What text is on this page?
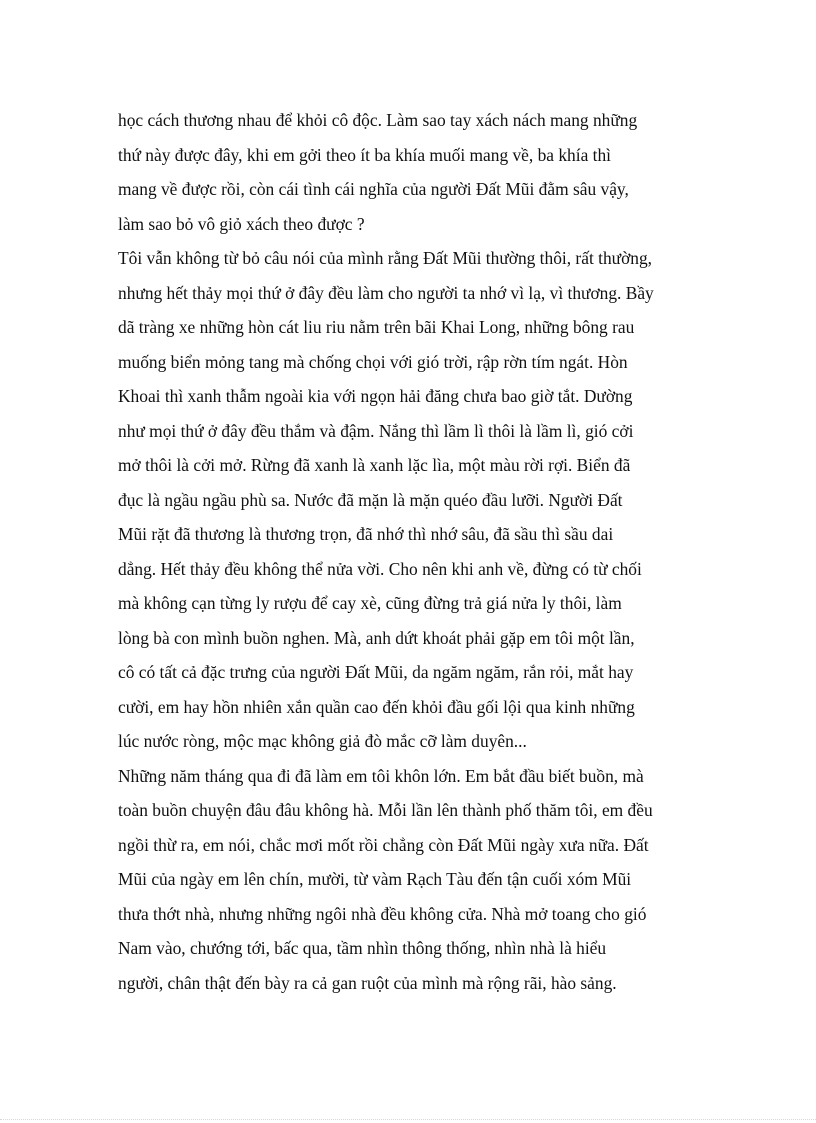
học cách thương nhau để khỏi cô độc. Làm sao tay xách nách mang những
thứ này được đây, khi em gởi theo ít ba khía muối mang về, ba khía thì
mang về được rồi, còn cái tình cái nghĩa của người Đất Mũi đằm sâu vậy,
làm sao bỏ vô giỏ xách theo được ?
Tôi vẫn không từ bỏ câu nói của mình rằng Đất Mũi thường thôi, rất thường,
nhưng hết thảy mọi thứ ở đây đều làm cho người ta nhớ vì lạ, vì thương. Bầy
dã tràng xe những hòn cát liu riu nằm trên bãi Khai Long, những bông rau
muống biển mỏng tang mà chống chọi với gió trời, rập rờn tím ngát. Hòn
Khoai thì xanh thẫm ngoài kia với ngọn hải đăng chưa bao giờ tắt. Dường
như mọi thứ ở đây đều thắm và đậm. Nắng thì lầm lì thôi là lầm lì, gió cởi
mở thôi là cởi mở. Rừng đã xanh là xanh lặc lìa, một màu rời rợi. Biển đã
đục là ngầu ngầu phù sa. Nước đã mặn là mặn quéo đầu lưỡi. Người Đất
Mũi rặt đã thương là thương trọn, đã nhớ thì nhớ sâu, đã sầu thì sầu dai
dẳng. Hết thảy đều không thể nửa vời. Cho nên khi anh về, đừng có từ chối
mà không cạn từng ly rượu để cay xè, cũng đừng trả giá nửa ly thôi, làm
lòng bà con mình buồn nghen. Mà, anh dứt khoát phải gặp em tôi một lần,
cô có tất cả đặc trưng của người Đất Mũi, da ngăm ngăm, rắn rỏi, mắt hay
cười, em hay hồn nhiên xắn quần cao đến khỏi đầu gối lội qua kinh những
lúc nước ròng, mộc mạc không giả đò mắc cỡ làm duyên...
Những năm tháng qua đi đã làm em tôi khôn lớn. Em bắt đầu biết buồn, mà
toàn buồn chuyện đâu đâu không hà. Mỗi lần lên thành phố thăm tôi, em đều
ngồi thừ ra, em nói, chắc mơi mốt rồi chẳng còn Đất Mũi ngày xưa nữa. Đất
Mũi của ngày em lên chín, mười, từ vàm Rạch Tàu đến tận cuối xóm Mũi
thưa thớt nhà, nhưng những ngôi nhà đều không cửa. Nhà mở toang cho gió
Nam vào, chướng tới, bấc qua, tầm nhìn thông thống, nhìn nhà là hiểu
người, chân thật đến bày ra cả gan ruột của mình mà rộng rãi, hào sảng.
